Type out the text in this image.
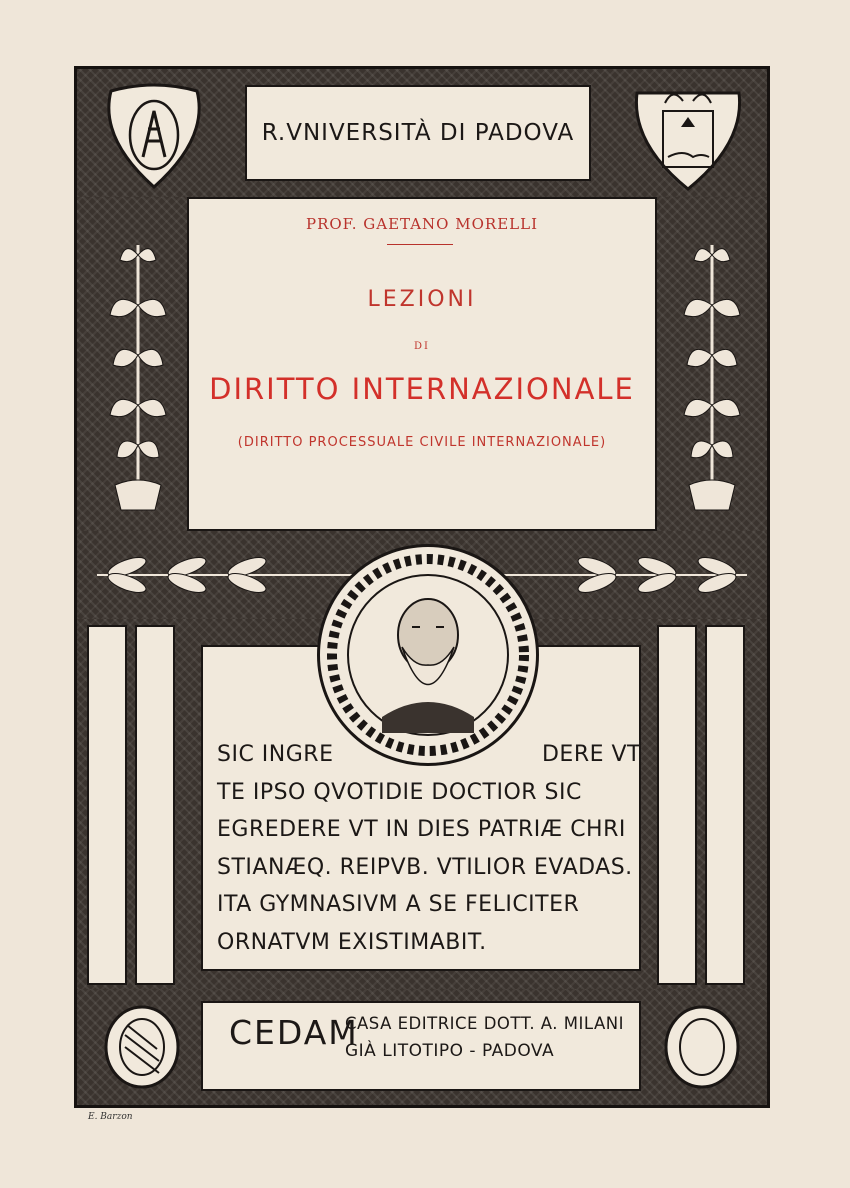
R.VNIVERSITÀ DI PADOVA
PROF. GAETANO MORELLI
LEZIONI
DI
DIRITTO INTERNAZIONALE
(DIRITTO PROCESSUALE CIVILE INTERNAZIONALE)
SIC INGRE	DERE VT
TE IPSO QVOTIDIE DOCTIOR SIC
EGREDERE VT IN DIES PATRIÆ CHRI
STIANÆQ. REIPVB. VTILIOR EVADAS.
ITA GYMNASIVM A SE FELICITER
ORNATVM EXISTIMABIT.
CEDAM
CASA EDITRICE DOTT. A. MILANI
GIÀ LITOTIPO - PADOVA
E. Barzon
